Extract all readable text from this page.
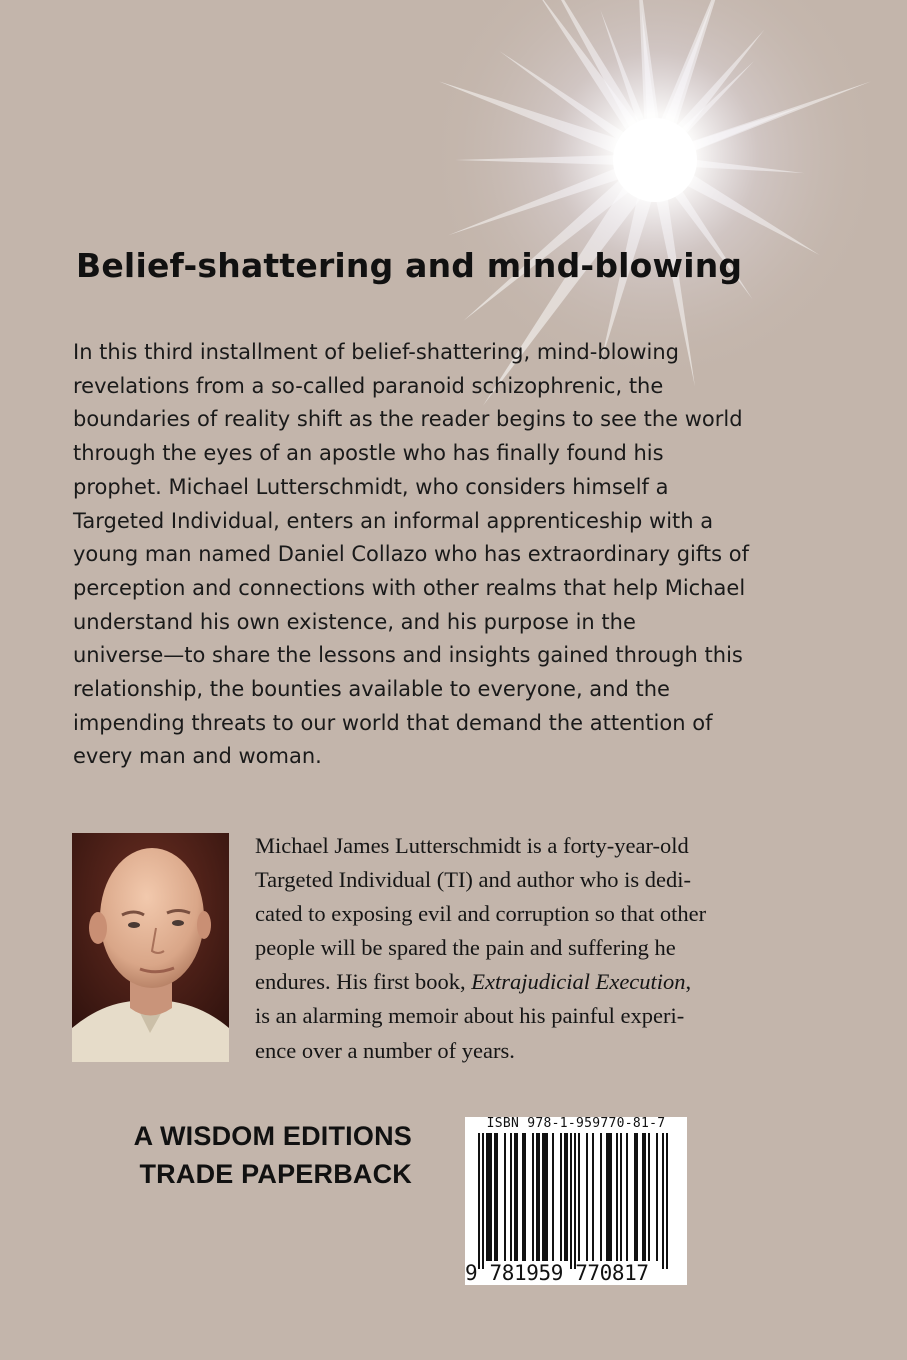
Belief-shattering and mind-blowing
In this third installment of belief-shattering, mind-blowing
revelations from a so-called paranoid schizophrenic, the
boundaries of reality shift as the reader begins to see the world
through the eyes of an apostle who has finally found his
prophet. Michael Lutterschmidt, who considers himself a
Targeted Individual, enters an informal apprenticeship with a
young man named Daniel Collazo who has extraordinary gifts of
perception and connections with other realms that help Michael
understand his own existence, and his purpose in the
universe—to share the lessons and insights gained through this
relationship, the bounties available to everyone, and the
impending threats to our world that demand the attention of
every man and woman.
Michael James Lutterschmidt is a forty-year-old
Targeted Individual (TI) and author who is dedi-
cated to exposing evil and corruption so that other
people will be spared the pain and suffering he
endures. His first book, Extrajudicial Execution,
is an alarming memoir about his painful experi-
ence over a number of years.
A WISDOM EDITIONS
TRADE PAPERBACK
ISBN 978-1-959770-81-7
9 781959 770817
